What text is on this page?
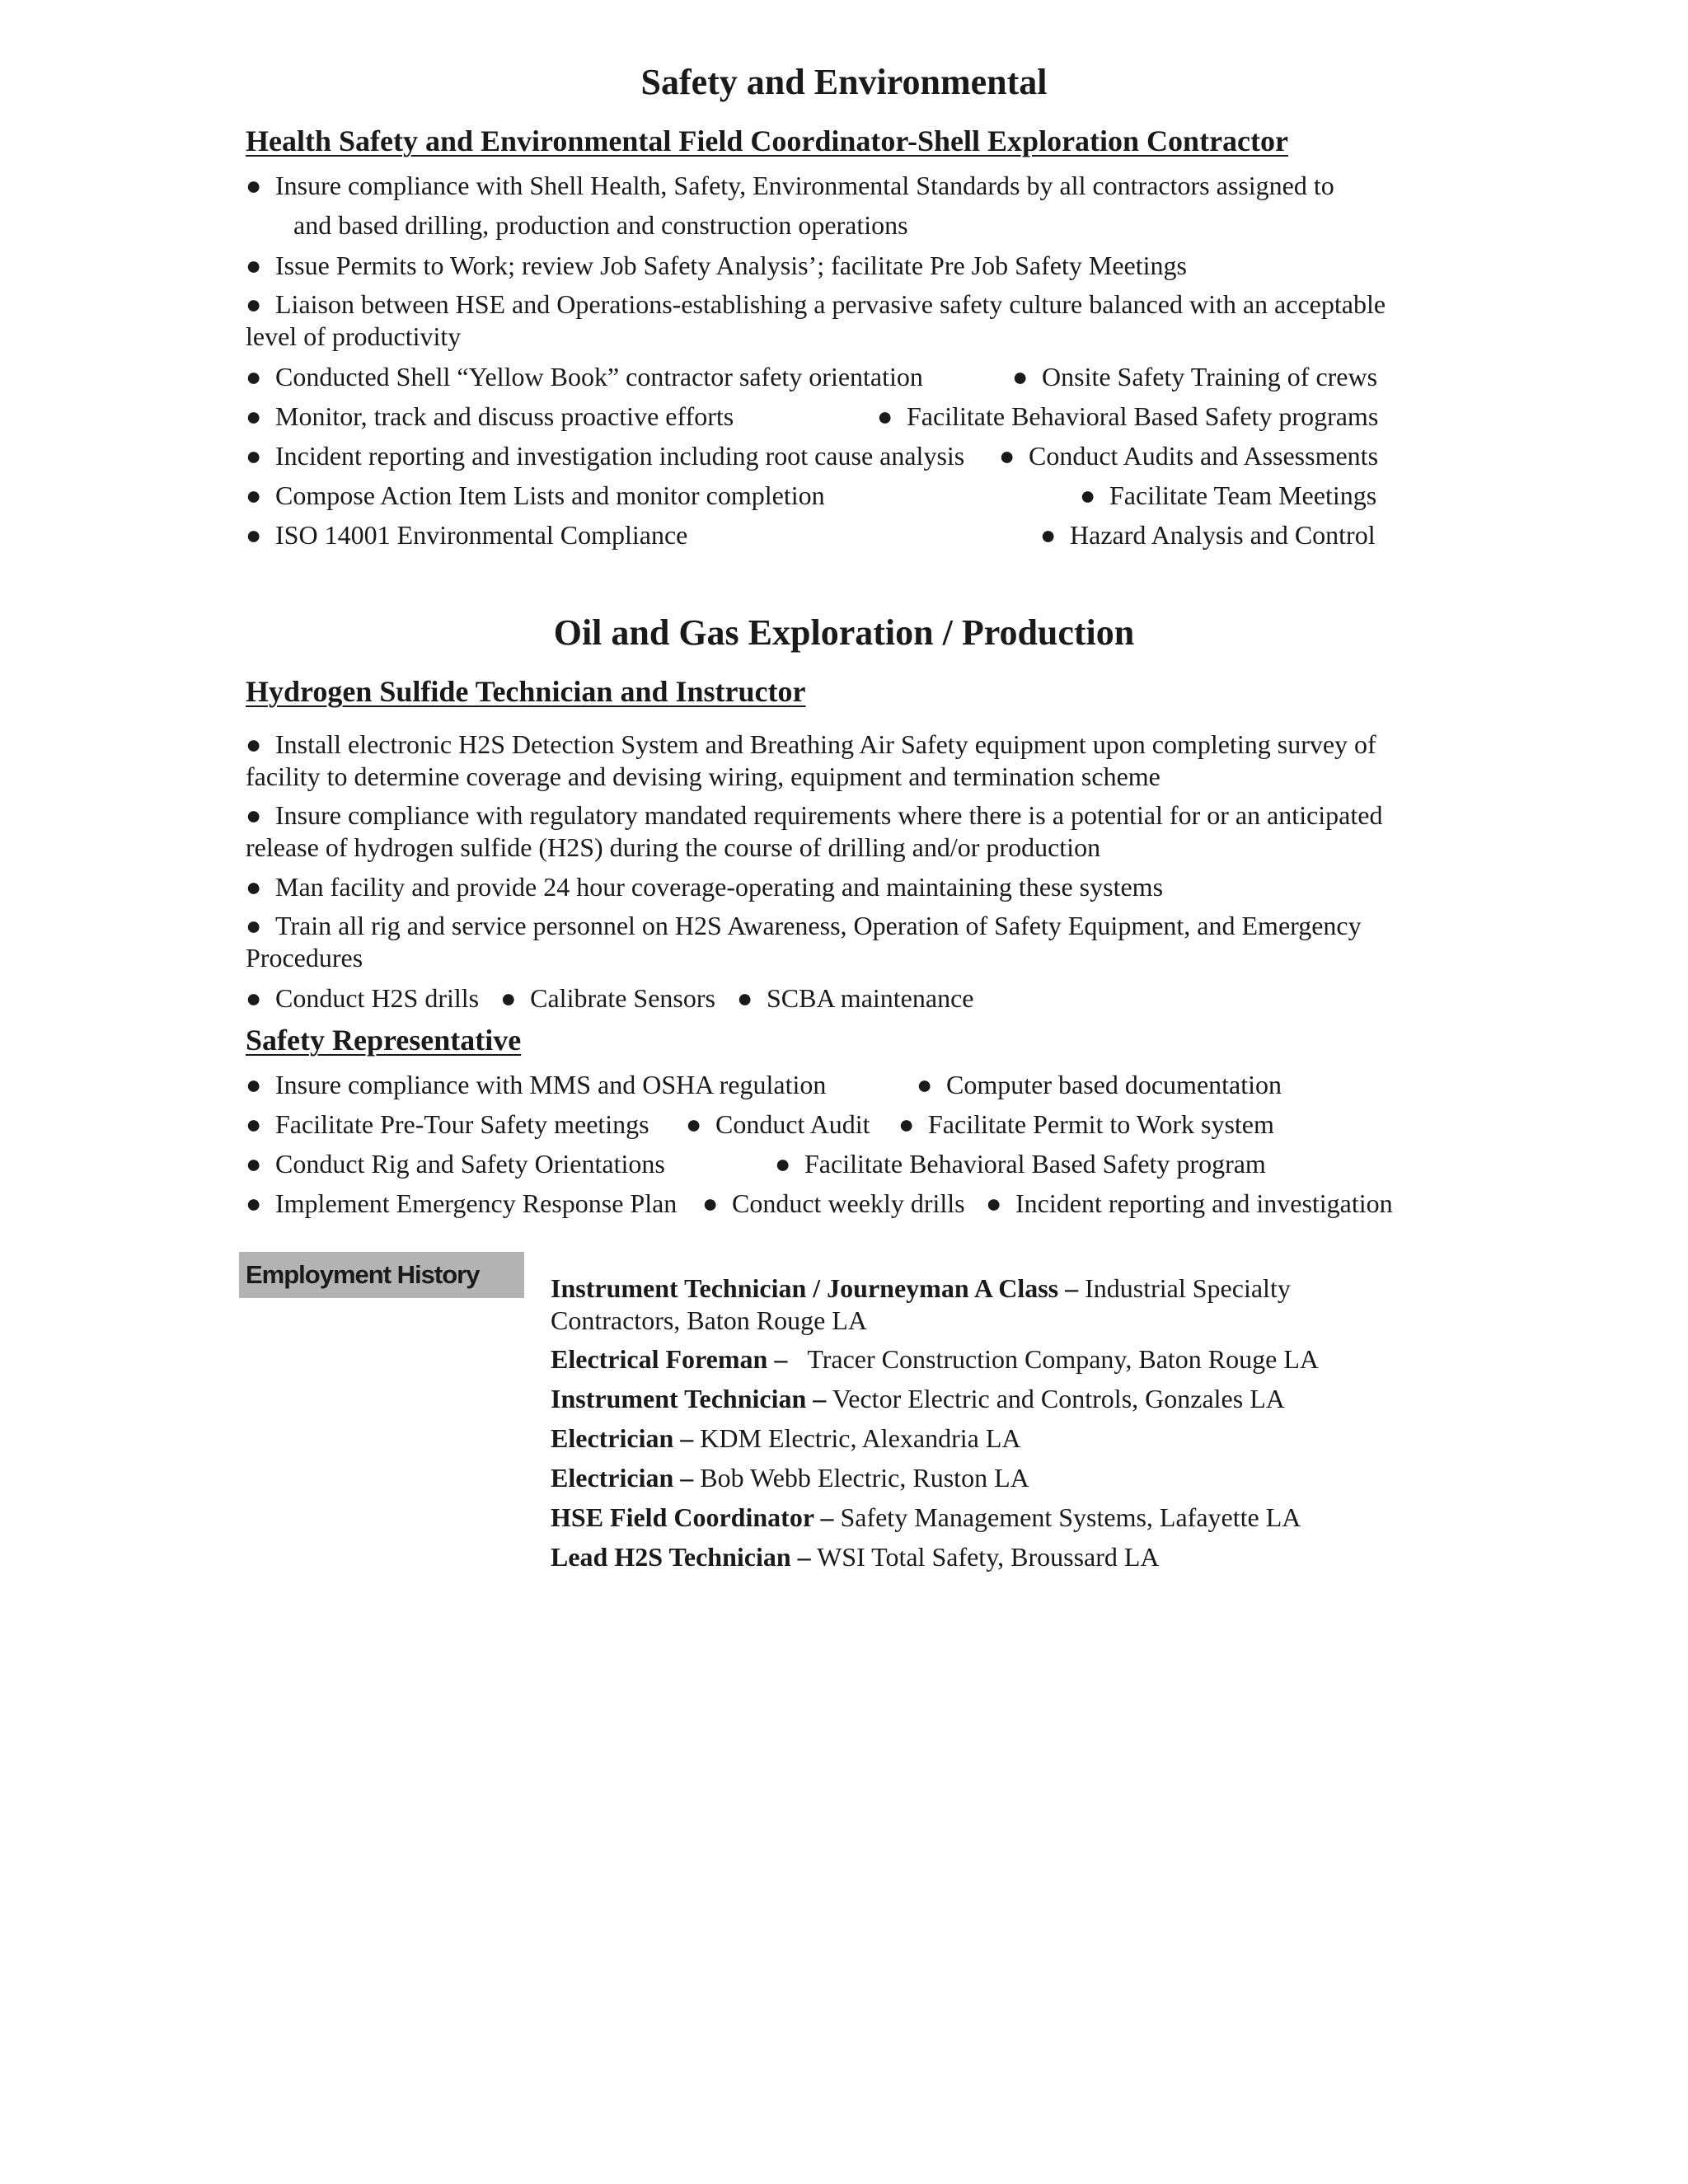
Safety and Environmental
Health Safety and Environmental Field Coordinator-Shell Exploration Contractor
● Insure compliance with Shell Health, Safety, Environmental Standards by all contractors assigned to
and based drilling, production and construction operations
● Issue Permits to Work; review Job Safety Analysis’; facilitate Pre Job Safety Meetings
● Liaison between HSE and Operations-establishing a pervasive safety culture balanced with an acceptable level of productivity
● Conducted Shell “Yellow Book” contractor safety orientation	● Onsite Safety Training of crews
● Monitor, track and discuss proactive efforts	● Facilitate Behavioral Based Safety programs
● Incident reporting and investigation including root cause analysis ● Conduct Audits and Assessments
● Compose Action Item Lists and monitor completion	● Facilitate Team Meetings
● ISO 14001 Environmental Compliance	● Hazard Analysis and Control
Oil and Gas Exploration / Production
Hydrogen Sulfide Technician and Instructor
● Install electronic H2S Detection System and Breathing Air Safety equipment upon completing survey of facility to determine coverage and devising wiring, equipment and termination scheme
● Insure compliance with regulatory mandated requirements where there is a potential for or an anticipated release of hydrogen sulfide (H2S) during the course of drilling and/or production
● Man facility and provide 24 hour coverage-operating and maintaining these systems
● Train all rig and service personnel on H2S Awareness, Operation of Safety Equipment, and Emergency Procedures
● Conduct H2S drills ● Calibrate Sensors ● SCBA maintenance
Safety Representative
● Insure compliance with MMS and OSHA regulation	● Computer based documentation
● Facilitate Pre-Tour Safety meetings ● Conduct Audit ● Facilitate Permit to Work system
● Conduct Rig and Safety Orientations	● Facilitate Behavioral Based Safety program
● Implement Emergency Response Plan ● Conduct weekly drills ● Incident reporting and investigation
Employment History	Instrument Technician / Journeyman A Class – Industrial Specialty Contractors, Baton Rouge LA
Electrical Foreman – Tracer Construction Company, Baton Rouge LA
Instrument Technician – Vector Electric and Controls, Gonzales LA
Electrician – KDM Electric, Alexandria LA
Electrician – Bob Webb Electric, Ruston LA
HSE Field Coordinator – Safety Management Systems, Lafayette LA
Lead H2S Technician – WSI Total Safety, Broussard LA
